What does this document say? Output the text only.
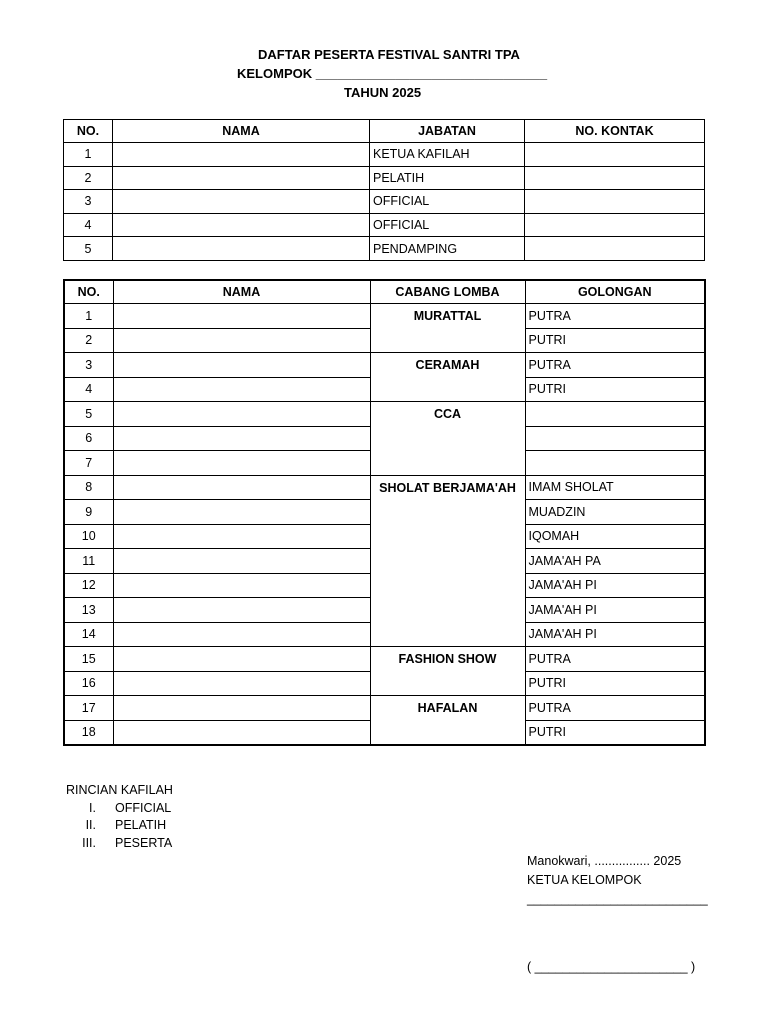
DAFTAR PESERTA FESTIVAL SANTRI TPA
KELOMPOK ________________________________
TAHUN 2025
NO.	NAMA	JABATAN	NO. KONTAK
1		KETUA KAFILAH	
2		PELATIH	
3		OFFICIAL	
4		OFFICIAL	
5		PENDAMPING	
NO.	NAMA	CABANG LOMBA	GOLONGAN
1		MURATTAL	PUTRA
2			PUTRI
3		CERAMAH	PUTRA
4			PUTRI
5		CCA	
6			
7			
8		SHOLAT BERJAMA'AH	IMAM SHOLAT
9			MUADZIN
10			IQOMAH
11			JAMA'AH PA
12			JAMA'AH PI
13			JAMA'AH PI
14			JAMA'AH PI
15		FASHION SHOW	PUTRA
16			PUTRI
17		HAFALAN	PUTRA
18			PUTRI
RINCIAN KAFILAH
I.	OFFICIAL
II.	PELATIH
III.	PESERTA
Manokwari, ................ 2025
KETUA KELOMPOK
__________________________
( ______________________ )
